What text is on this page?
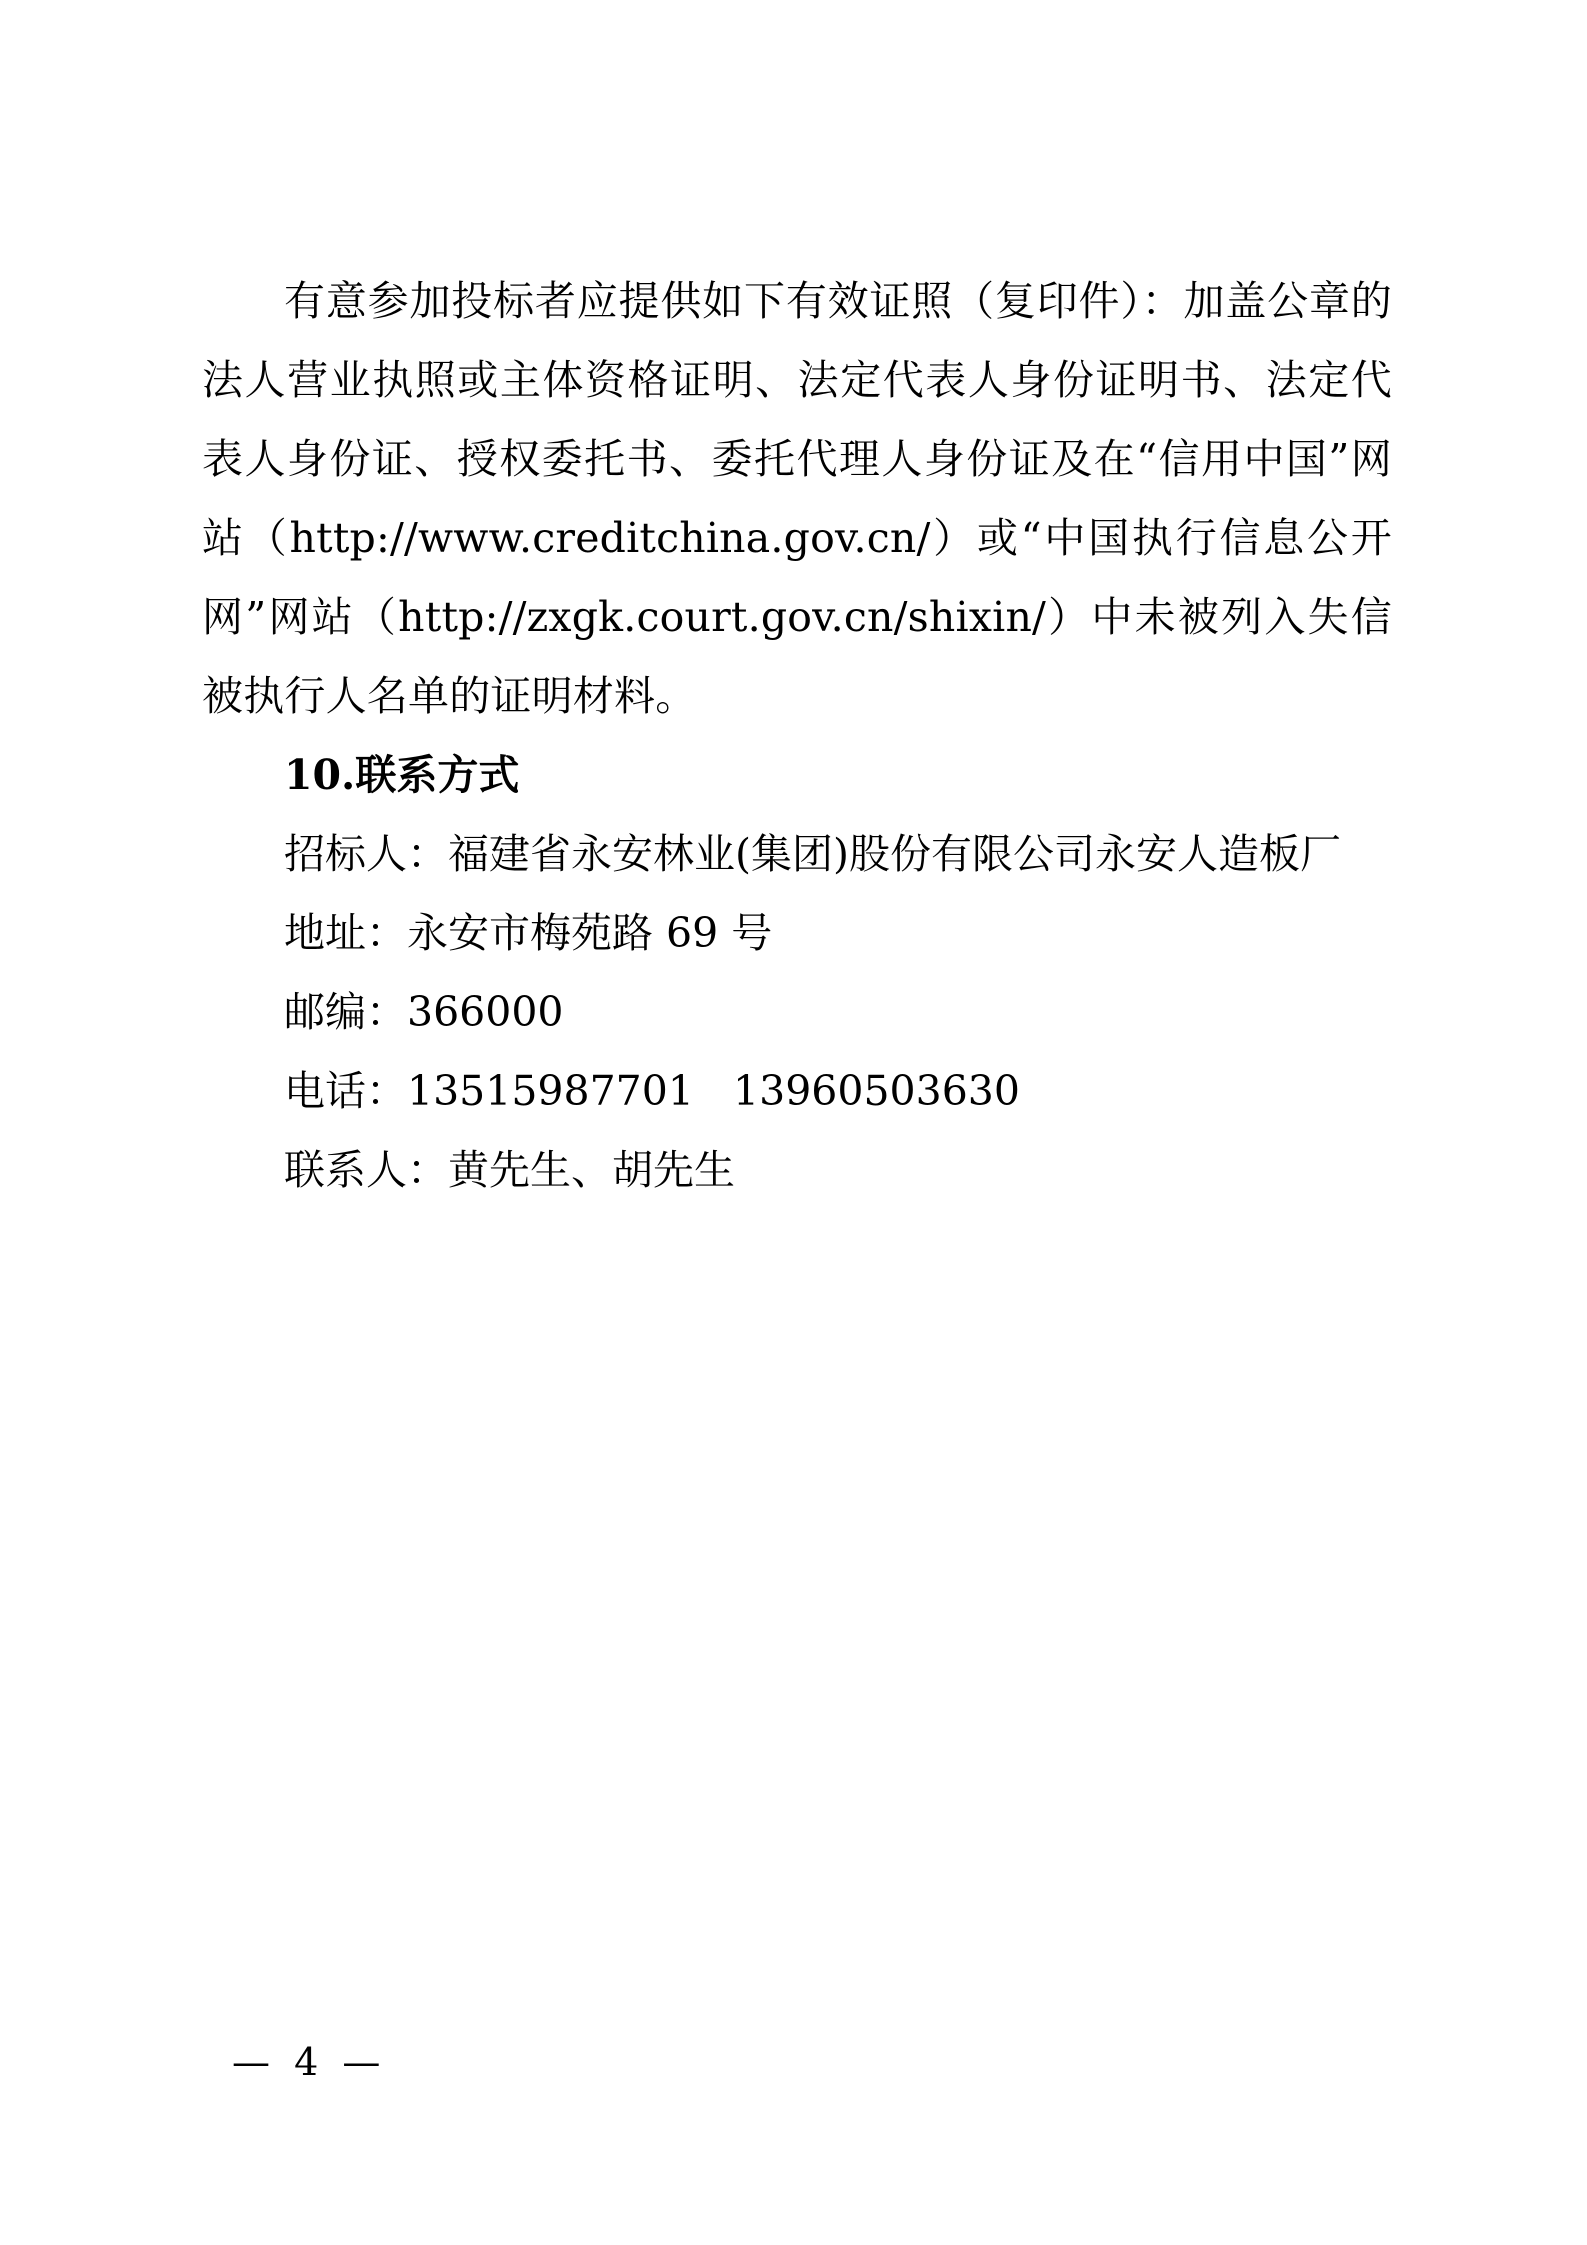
有意参加投标者应提供如下有效证照（复印件）：加盖公章的法人营业执照或主体资格证明、法定代表人身份证明书、法定代表人身份证、授权委托书、委托代理人身份证及在“信用中国”网站（http://www.creditchina.gov.cn/）或“中国执行信息公开网”网站（http://zxgk.court.gov.cn/shixin/）中未被列入失信被执行人名单的证明材料。

10.联系方式

招标人：福建省永安林业(集团)股份有限公司永安人造板厂

地址：永安市梅苑路 69 号

邮编：366000

电话：13515987701   13960503630

联系人：黄先生、胡先生

— 4 —
